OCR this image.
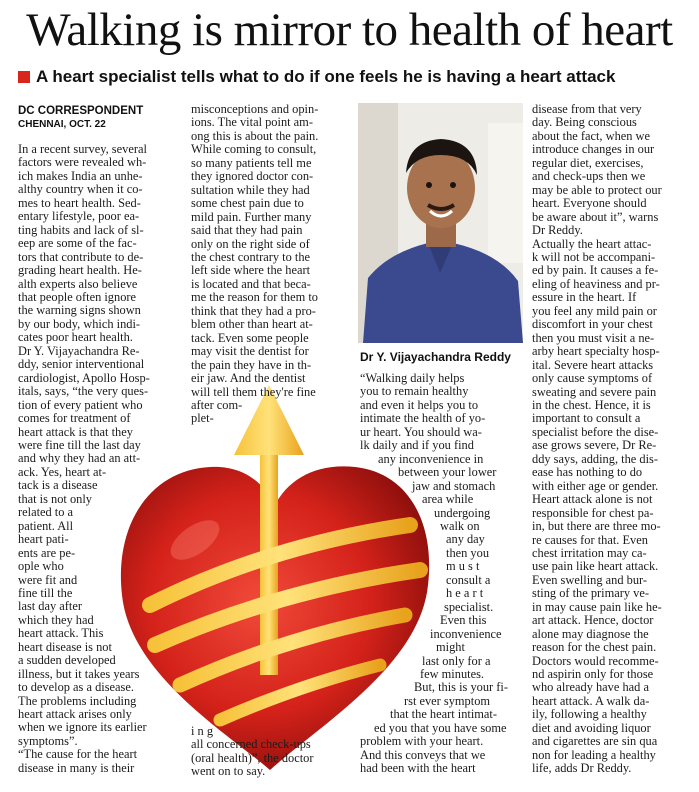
Walking is mirror to health of heart
A heart specialist tells what to do if one feels he is having a heart attack
DC CORRESPONDENT
CHENNAI, OCT. 22
In a recent survey, several
factors were revealed wh-
ich makes India an unhe-
althy country when it co-
mes to heart health. Sed-
entary lifestyle, poor ea-
ting habits and lack of sl-
eep are some of the fac-
tors that contribute to de-
grading heart health. He-
alth experts also believe
that people often ignore
the warning signs shown
by our body, which indi-
cates poor heart health.
Dr Y. Vijayachandra Re-
ddy, senior interventional
cardiologist, Apollo Hosp-
itals, says, “the very ques-
tion of every patient who
comes for treatment of
heart attack is that they
were fine till the last day
and why they had an att-
ack. Yes, heart at-
tack is a disease
that is not only
related to a
patient. All
heart pati-
ents are pe-
ople who
were fit and
fine till the
last day after
which they had
heart attack. This
heart disease is not
a sudden developed
illness, but it takes years
to develop as a disease.
The problems including
heart attack arises only
when we ignore its earlier
symptoms”.
“The cause for the heart
disease in many is their
misconceptions and opin-
ions. The vital point am-
ong this is about the pain.
While coming to consult,
so many patients tell me
they ignored doctor con-
sultation while they had
some chest pain due to
mild pain. Further many
said that they had pain
only on the right side of
the chest contrary to the
left side where the heart
is located and that beca-
me the reason for them to
think that they had a pro-
blem other than heart at-
tack. Even some people
may visit the dentist for
the pain they have in th-
eir jaw. And the dentist
will tell them they're fine
after com-
plet-
i n g
all concerned check-ups
(oral health)”, the doctor
went on to say.
Dr Y. Vijayachandra Reddy
“Walking daily helps
you to remain healthy
and even it helps you to
intimate the health of yo-
ur heart. You should wa-
lk daily and if you find
any inconvenience in
between your lower
jaw and stomach
area while
undergoing
walk on
any day
then you
m u s t
consult a
h e a r t
specialist.
Even this
inconvenience
might
last only for a
few minutes.
But, this is your fi-
rst ever symptom
that the heart intimat-
ed you that you have some
problem with your heart.
And this conveys that we
had been with the heart
disease from that very
day. Being conscious
about the fact, when we
introduce changes in our
regular diet, exercises,
and check-ups then we
may be able to protect our
heart. Everyone should
be aware about it”, warns
Dr Reddy.
Actually the heart attac-
k will not be accompani-
ed by pain. It causes a fe-
eling of heaviness and pr-
essure in the heart. If
you feel any mild pain or
discomfort in your chest
then you must visit a ne-
arby heart specialty hosp-
ital. Severe heart attacks
only cause symptoms of
sweating and severe pain
in the chest. Hence, it is
important to consult a
specialist before the dise-
ase grows severe, Dr Re-
ddy says, adding, the dis-
ease has nothing to do
with either age or gender.
Heart attack alone is not
responsible for chest pa-
in, but there are three mo-
re causes for that. Even
chest irritation may ca-
use pain like heart attack.
Even swelling and bur-
sting of the primary ve-
in may cause pain like he-
art attack. Hence, doctor
alone may diagnose the
reason for the chest pain.
Doctors would recomme-
nd aspirin only for those
who already have had a
heart attack. A walk da-
ily, following a healthy
diet and avoiding liquor
and cigarettes are sin qua
non for leading a healthy
life, adds Dr Reddy.
